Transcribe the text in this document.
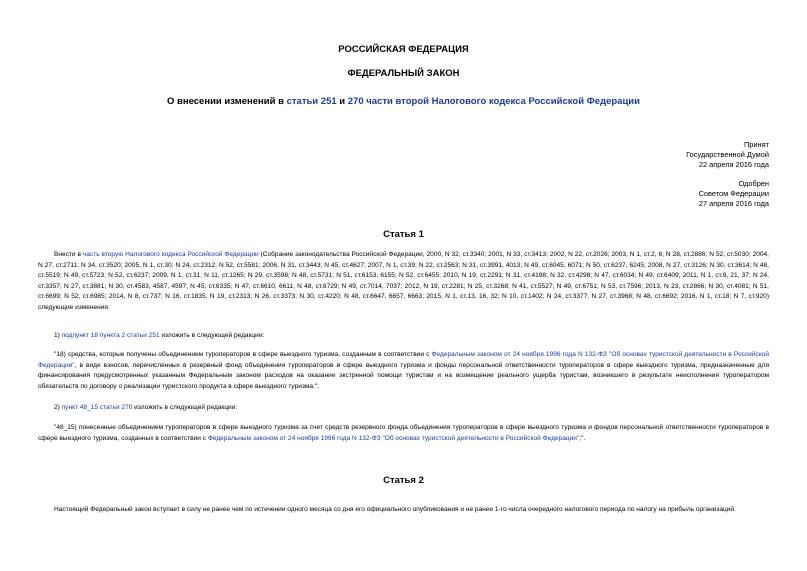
РОССИЙСКАЯ ФЕДЕРАЦИЯ
ФЕДЕРАЛЬНЫЙ ЗАКОН
О внесении изменений в статьи 251 и 270 части второй Налогового кодекса Российской Федерации
Принят
Государственной Думой
22 апреля 2016 года
Одобрен
Советом Федерации
27 апреля 2016 года
Статья 1
Внести в часть вторую Налогового кодекса Российской Федерации (Собрание законодательства Российской Федерации, 2000, N 32, ст.3340; 2001, N 33, ст.3413; 2002, N 22, ст.2026; 2003, N 1, ст.2, 6; N 28, ст.2886; N 52, ст.5030; 2004, N 27, ст.2711; N 34, ст.3520; 2005, N 1, ст.30; N 24, ст.2312; N 52, ст.5581; 2006, N 31, ст.3443; N 45, ст.4627; 2007, N 1, ст.39; N 22, ст.2563; N 31, ст.3991, 4013; N 49, ст.6045, 6071; N 50, ст.6237, 6245; 2008, N 27, ст.3126; N 30, ст.3614; N 48, ст.5519; N 49, ст.5723; N 52, ст.6237; 2009, N 1, ст.31; N 11, ст.1265; N 29, ст.3598; N 48, ст.5731; N 51, ст.6153, 6155; N 52, ст.6455; 2010, N 19, ст.2291; N 31, ст.4198; N 32, ст.4298; N 47, ст.6034; N 49, ст.6409; 2011, N 1, ст.9, 21, 37; N 24, ст.3357; N 27, ст.3881; N 30, ст.4583, 4587, 4597; N 45, ст.6335; N 47, ст.6610, 6611; N 48, ст.6729; N 49, ст.7014, 7037; 2012, N 19, ст.2281; N 25, ст.3268; N 41, ст.5527; N 49, ст.6751; N 53, ст.7596; 2013, N 23, ст.2866; N 30, ст.4081; N 51, ст.6699; N 52, ст.6985; 2014, N 8, ст.737; N 16, ст.1835; N 19, ст.2313; N 26, ст.3373; N 30, ст.4220; N 48, ст.6647, 6657, 6663; 2015, N 1, ст.13, 16, 32; N 10, ст.1402; N 24, ст.3377; N 27, ст.3968; N 48, ст.6692; 2016, N 1, ст.18; N 7, ст.920) следующие изменения:
1) подпункт 18 пункта 2 статьи 251 изложить в следующей редакции:
"18) средства, которые получены объединением туроператоров в сфере выездного туризма, созданным в соответствии с Федеральным законом от 24 ноября 1996 года N 132-ФЗ "Об основах туристской деятельности в Российской Федерации", в виде взносов, перечисленных в резервный фонд объединения туроператоров в сфере выездного туризма и фонды персональной ответственности туроператоров в сфере выездного туризма, предназначенные для финансирования предусмотренных указанным Федеральным законом расходов на оказание экстренной помощи туристам и на возмещение реального ущерба туристам, возникшего в результате неисполнения туроператором обязательств по договору о реализации туристского продукта в сфере выездного туризма;";
2) пункт 48_15 статьи 270 изложить в следующей редакции:
"48_15) понесенные объединением туроператоров в сфере выездного туризма за счет средств резервного фонда объединения туроператоров в сфере выездного туризма и фондов персональной ответственности туроператоров в сфере выездного туризма, созданных в соответствии с Федеральным законом от 24 ноября 1996 года N 132-ФЗ "Об основах туристской деятельности в Российской Федерации";".
Статья 2
Настоящий Федеральный закон вступает в силу не ранее чем по истечении одного месяца со дня его официального опубликования и не ранее 1-го числа очередного налогового периода по налогу на прибыль организаций.
